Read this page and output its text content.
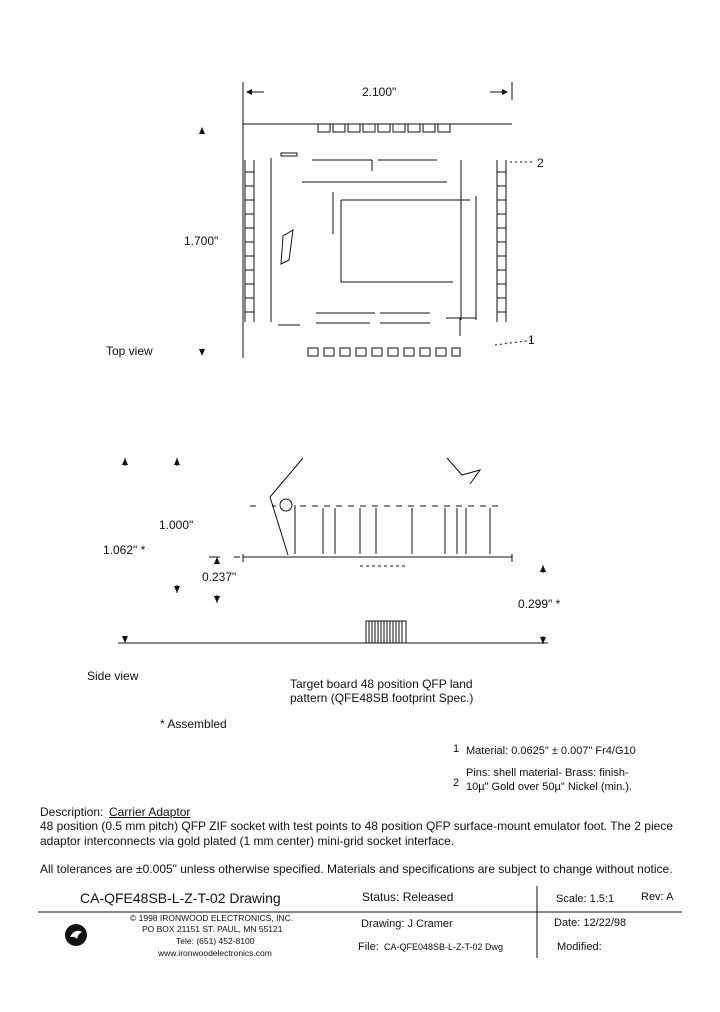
2.100"
1.700"
Top view
2
1
1.000"
1.062" *
0.237"
0.299" *
Side view
Target board 48 position QFP land
pattern (QFE48SB footprint Spec.)
* Assembled
1 Material: 0.0625" ± 0.007" Fr4/G10
2
Pins: shell material- Brass: finish-
10µ" Gold over 50µ" Nickel (min.).
Description: Carrier Adaptor
48 position (0.5 mm pitch) QFP ZIF socket with test points to 48 position QFP surface-mount emulator foot. The 2 piece
adaptor interconnects via gold plated (1 mm center) mini-grid socket interface.
All tolerances are ±0.005" unless otherwise specified. Materials and specifications are subject to change without notice.
CA-QFE48SB-L-Z-T-02 Drawing	Status: Released	Scale: 1.5:1 Rev: A
© 1998 IRONWOOD ELECTRONICS, INC.
PO BOX 21151 ST. PAUL, MN 55121
Tele: (651) 452-8100
www.ironwoodelectronics.com
Drawing: J Cramer	Date: 12/22/98
File: CA-QFE048SB-L-Z-T-02 Dwg	Modified:
